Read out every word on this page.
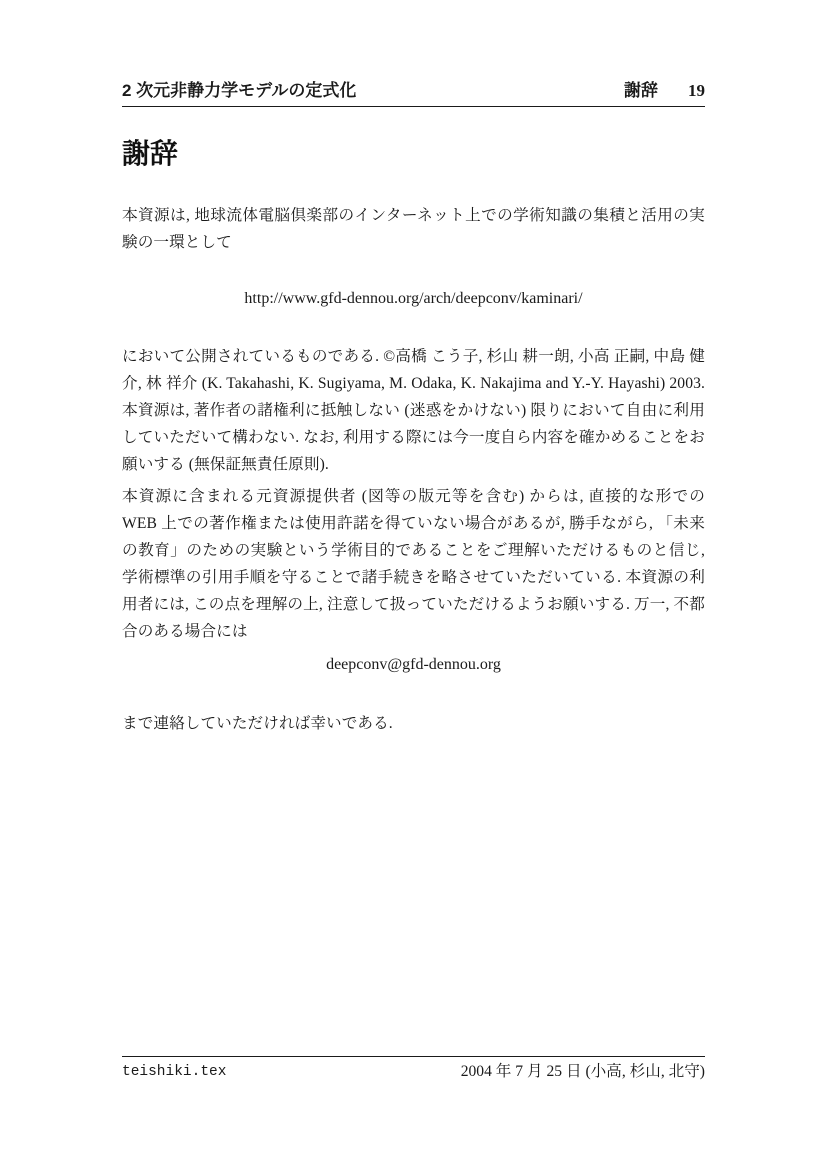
2 次元非静力学モデルの定式化	謝辞 19
謝辞

本資源は, 地球流体電脳倶楽部のインターネット上での学術知識の集積と活用の実験の一環として

http://www.gfd-dennou.org/arch/deepconv/kaminari/

において公開されているものである. ©高橋 こう子, 杉山 耕一朗, 小高 正嗣, 中島 健介, 林 祥介 (K. Takahashi, K. Sugiyama, M. Odaka, K. Nakajima and Y.-Y. Hayashi) 2003. 本資源は, 著作者の諸権利に抵触しない (迷惑をかけない) 限りにおいて自由に利用していただいて構わない. なお, 利用する際には今一度自ら内容を確かめることをお願いする (無保証無責任原則).

本資源に含まれる元資源提供者 (図等の版元等を含む) からは, 直接的な形での WEB 上での著作権または使用許諾を得ていない場合があるが, 勝手ながら, 「未来の教育」のための実験という学術目的であることをご理解いただけるものと信じ, 学術標準の引用手順を守ることで諸手続きを略させていただいている. 本資源の利用者には, この点を理解の上, 注意して扱っていただけるようお願いする. 万一, 不都合のある場合には

deepconv@gfd-dennou.org

まで連絡していただければ幸いである.

teishiki.tex	2004 年 7 月 25 日 (小高, 杉山, 北守)
